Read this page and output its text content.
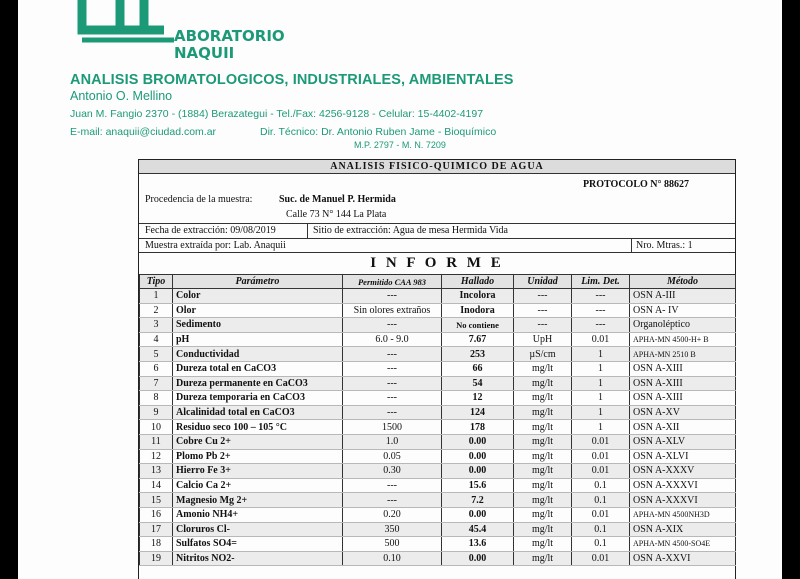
ABORATORIO
NAQUII
ANALISIS BROMATOLOGICOS, INDUSTRIALES, AMBIENTALES
Antonio O. Mellino
Juan M. Fangio 2370 - (1884) Berazategui - Tel./Fax: 4256-9128 - Celular: 15-4402-4197
E-mail: anaquii@ciudad.com.ar	Dir. Técnico: Dr. Antonio Ruben Jame - Bioquímico
M.P. 2797 - M. N. 7209
ANALISIS FISICO-QUIMICO DE AGUA
PROTOCOLO N° 88627
Procedencia de la muestra:	Suc. de Manuel P. Hermida
Calle 73 N° 144 La Plata
Fecha de extracción: 09/08/2019	Sitio de extracción: Agua de mesa Hermida Vida
Muestra extraída por: Lab. Anaquii	Nro. Mtras.: 1
I N F O R M E
Tipo	Parámetro	Permitido CAA 983	Hallado	Unidad	Lim. Det.	Método
1	Color	---	Incolora	---	---	OSN A-III
2	Olor	Sin olores extraños	Inodora	---	---	OSN A- IV
3	Sedimento	---	No contiene	---	---	Organoléptico
4	pH	6.0 - 9.0	7.67	UpH	0.01	APHA-MN 4500-H+ B
5	Conductividad	---	253	µS/cm	1	APHA-MN 2510 B
6	Dureza total en CaCO3	---	66	mg/lt	1	OSN A-XIII
7	Dureza permanente en CaCO3	---	54	mg/lt	1	OSN A-XIII
8	Dureza temporaria en CaCO3	---	12	mg/lt	1	OSN A-XIII
9	Alcalinidad total en CaCO3	---	124	mg/lt	1	OSN A-XV
10	Residuo seco 100 – 105 °C	1500	178	mg/lt	1	OSN A-XII
11	Cobre Cu 2+	1.0	0.00	mg/lt	0.01	OSN A-XLV
12	Plomo Pb 2+	0.05	0.00	mg/lt	0.01	OSN A-XLVI
13	Hierro Fe 3+	0.30	0.00	mg/lt	0.01	OSN A-XXXV
14	Calcio Ca 2+	---	15.6	mg/lt	0.1	OSN A-XXXVI
15	Magnesio Mg 2+	---	7.2	mg/lt	0.1	OSN A-XXXVI
16	Amonio NH4+	0.20	0.00	mg/lt	0.01	APHA-MN 4500NH3D
17	Cloruros Cl-	350	45.4	mg/lt	0.1	OSN A-XIX
18	Sulfatos SO4=	500	13.6	mg/lt	0.1	APHA-MN 4500-SO4E
19	Nitritos NO2-	0.10	0.00	mg/lt	0.01	OSN A-XXVI
